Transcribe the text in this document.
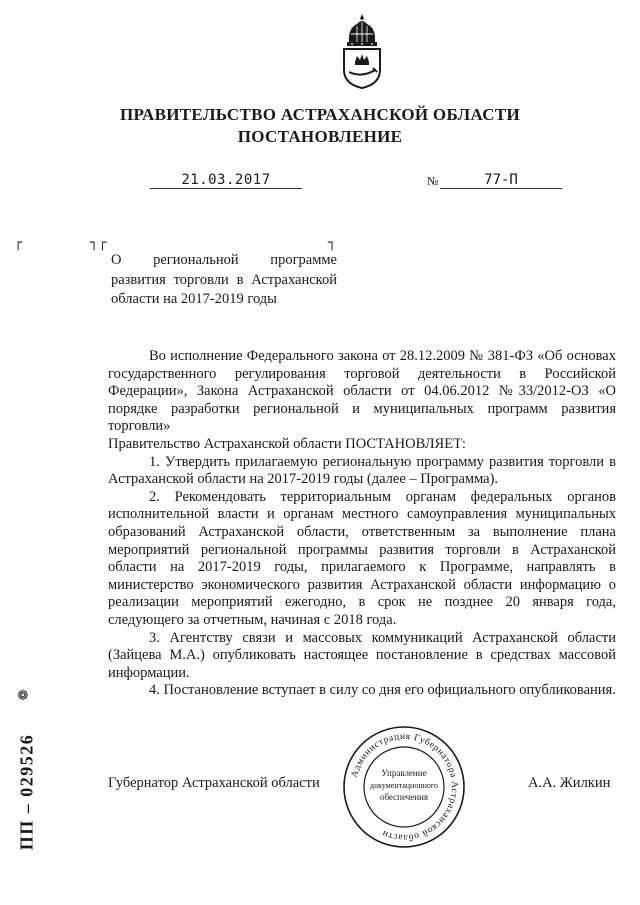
ПРАВИТЕЛЬСТВО АСТРАХАНСКОЙ ОБЛАСТИ
ПОСТАНОВЛЕНИЕ
21.03.2017	№	77-П
┌	┐┌	┐
О региональной программе развития торговли в Астраханской области на 2017-2019 годы

Во исполнение Федерального закона от 28.12.2009 № 381-ФЗ «Об основах государственного регулирования торговой деятельности в Российской Федерации», Закона Астраханской области от 04.06.2012 №33/2012-ОЗ «О порядке разработки региональной и муниципальных программ развития торговли»

Правительство Астраханской области ПОСТАНОВЛЯЕТ:

1. Утвердить прилагаемую региональную программу развития торговли в Астраханской области на 2017-2019 годы (далее – Программа).

2. Рекомендовать территориальным органам федеральных органов исполнительной власти и органам местного самоуправления муниципальных образований Астраханской области, ответственным за выполнение плана мероприятий региональной программы развития торговли в Астраханской области на 2017-2019 годы, прилагаемого к Программе, направлять в министерство экономического развития Астраханской области информацию о реализации мероприятий ежегодно, в срок не позднее 20 января года, следующего за отчетным, начиная с 2018 года.

3. Агентству связи и массовых коммуникаций Астраханской области (Зайцева М.А.) опубликовать настоящее постановление в средствах массовой информации.

4. Постановление вступает в силу со дня его официального опубликования.

Администрация Губернатора Астраханской области
Управление
документационного
обеспечения
Губернатор Астраханской области	А.А. Жилкин
❁
ПП – 029526
